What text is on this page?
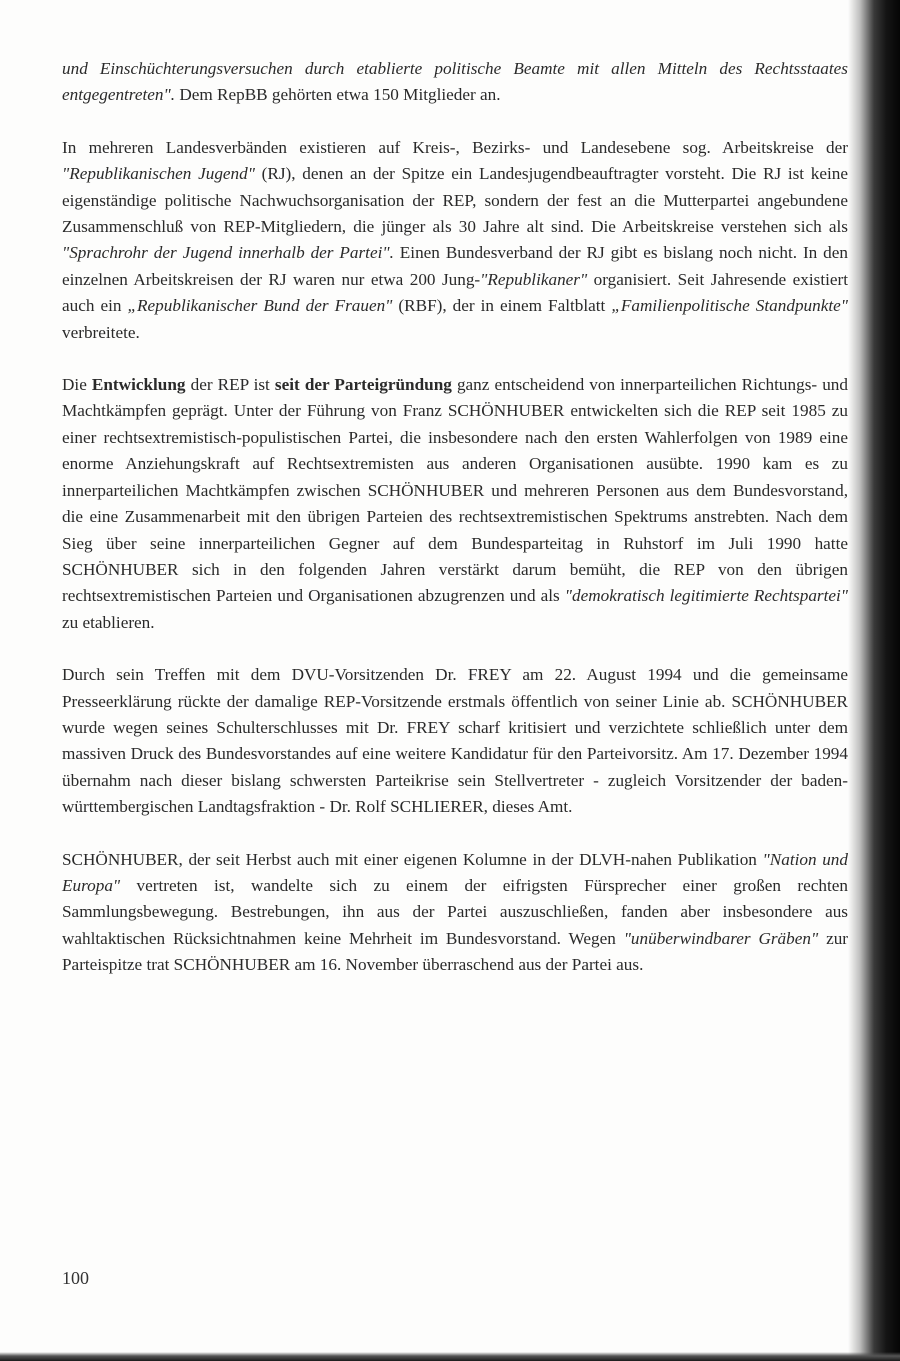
und Einschüchterungsversuchen durch etablierte politische Beamte mit allen Mitteln des Rechtsstaates entgegentreten". Dem RepBB gehörten etwa 150 Mitglieder an.

In mehreren Landesverbänden existieren auf Kreis-, Bezirks- und Landesebene sog. Arbeitskreise der "Republikanischen Jugend" (RJ), denen an der Spitze ein Landesjugendbeauftragter vorsteht. Die RJ ist keine eigenständige politische Nachwuchsorganisation der REP, sondern der fest an die Mutterpartei angebundene Zusammenschluß von REP-Mitgliedern, die jünger als 30 Jahre alt sind. Die Arbeitskreise verstehen sich als "Sprachrohr der Jugend innerhalb der Partei". Einen Bundesverband der RJ gibt es bislang noch nicht. In den einzelnen Arbeitskreisen der RJ waren nur etwa 200 Jung-"Republikaner" organisiert. Seit Jahresende existiert auch ein „Republikanischer Bund der Frauen" (RBF), der in einem Faltblatt „Familienpolitische Standpunkte" verbreitete.

Die Entwicklung der REP ist seit der Parteigründung ganz entscheidend von innerparteilichen Richtungs- und Machtkämpfen geprägt. Unter der Führung von Franz SCHÖNHUBER entwickelten sich die REP seit 1985 zu einer rechtsextremistisch-populistischen Partei, die insbesondere nach den ersten Wahlerfolgen von 1989 eine enorme Anziehungskraft auf Rechtsextremisten aus anderen Organisationen ausübte. 1990 kam es zu innerparteilichen Machtkämpfen zwischen SCHÖNHUBER und mehreren Personen aus dem Bundesvorstand, die eine Zusammenarbeit mit den übrigen Parteien des rechtsextremistischen Spektrums anstrebten. Nach dem Sieg über seine innerparteilichen Gegner auf dem Bundesparteitag in Ruhstorf im Juli 1990 hatte SCHÖNHUBER sich in den folgenden Jahren verstärkt darum bemüht, die REP von den übrigen rechtsextremistischen Parteien und Organisationen abzugrenzen und als "demokratisch legitimierte Rechtspartei" zu etablieren.

Durch sein Treffen mit dem DVU-Vorsitzenden Dr. FREY am 22. August 1994 und die gemeinsame Presseerklärung rückte der damalige REP-Vorsitzende erstmals öffentlich von seiner Linie ab. SCHÖNHUBER wurde wegen seines Schulterschlusses mit Dr. FREY scharf kritisiert und verzichtete schließlich unter dem massiven Druck des Bundesvorstandes auf eine weitere Kandidatur für den Parteivorsitz. Am 17. Dezember 1994 übernahm nach dieser bislang schwersten Parteikrise sein Stellvertreter - zugleich Vorsitzender der baden-württembergischen Landtagsfraktion - Dr. Rolf SCHLIERER, dieses Amt.

SCHÖNHUBER, der seit Herbst auch mit einer eigenen Kolumne in der DLVH-nahen Publikation "Nation und Europa" vertreten ist, wandelte sich zu einem der eifrigsten Fürsprecher einer großen rechten Sammlungsbewegung. Bestrebungen, ihn aus der Partei auszuschließen, fanden aber insbesondere aus wahltaktischen Rücksichtnahmen keine Mehrheit im Bundesvorstand. Wegen "unüberwindbarer Gräben" zur Parteispitze trat SCHÖNHUBER am 16. November überraschend aus der Partei aus.

100
